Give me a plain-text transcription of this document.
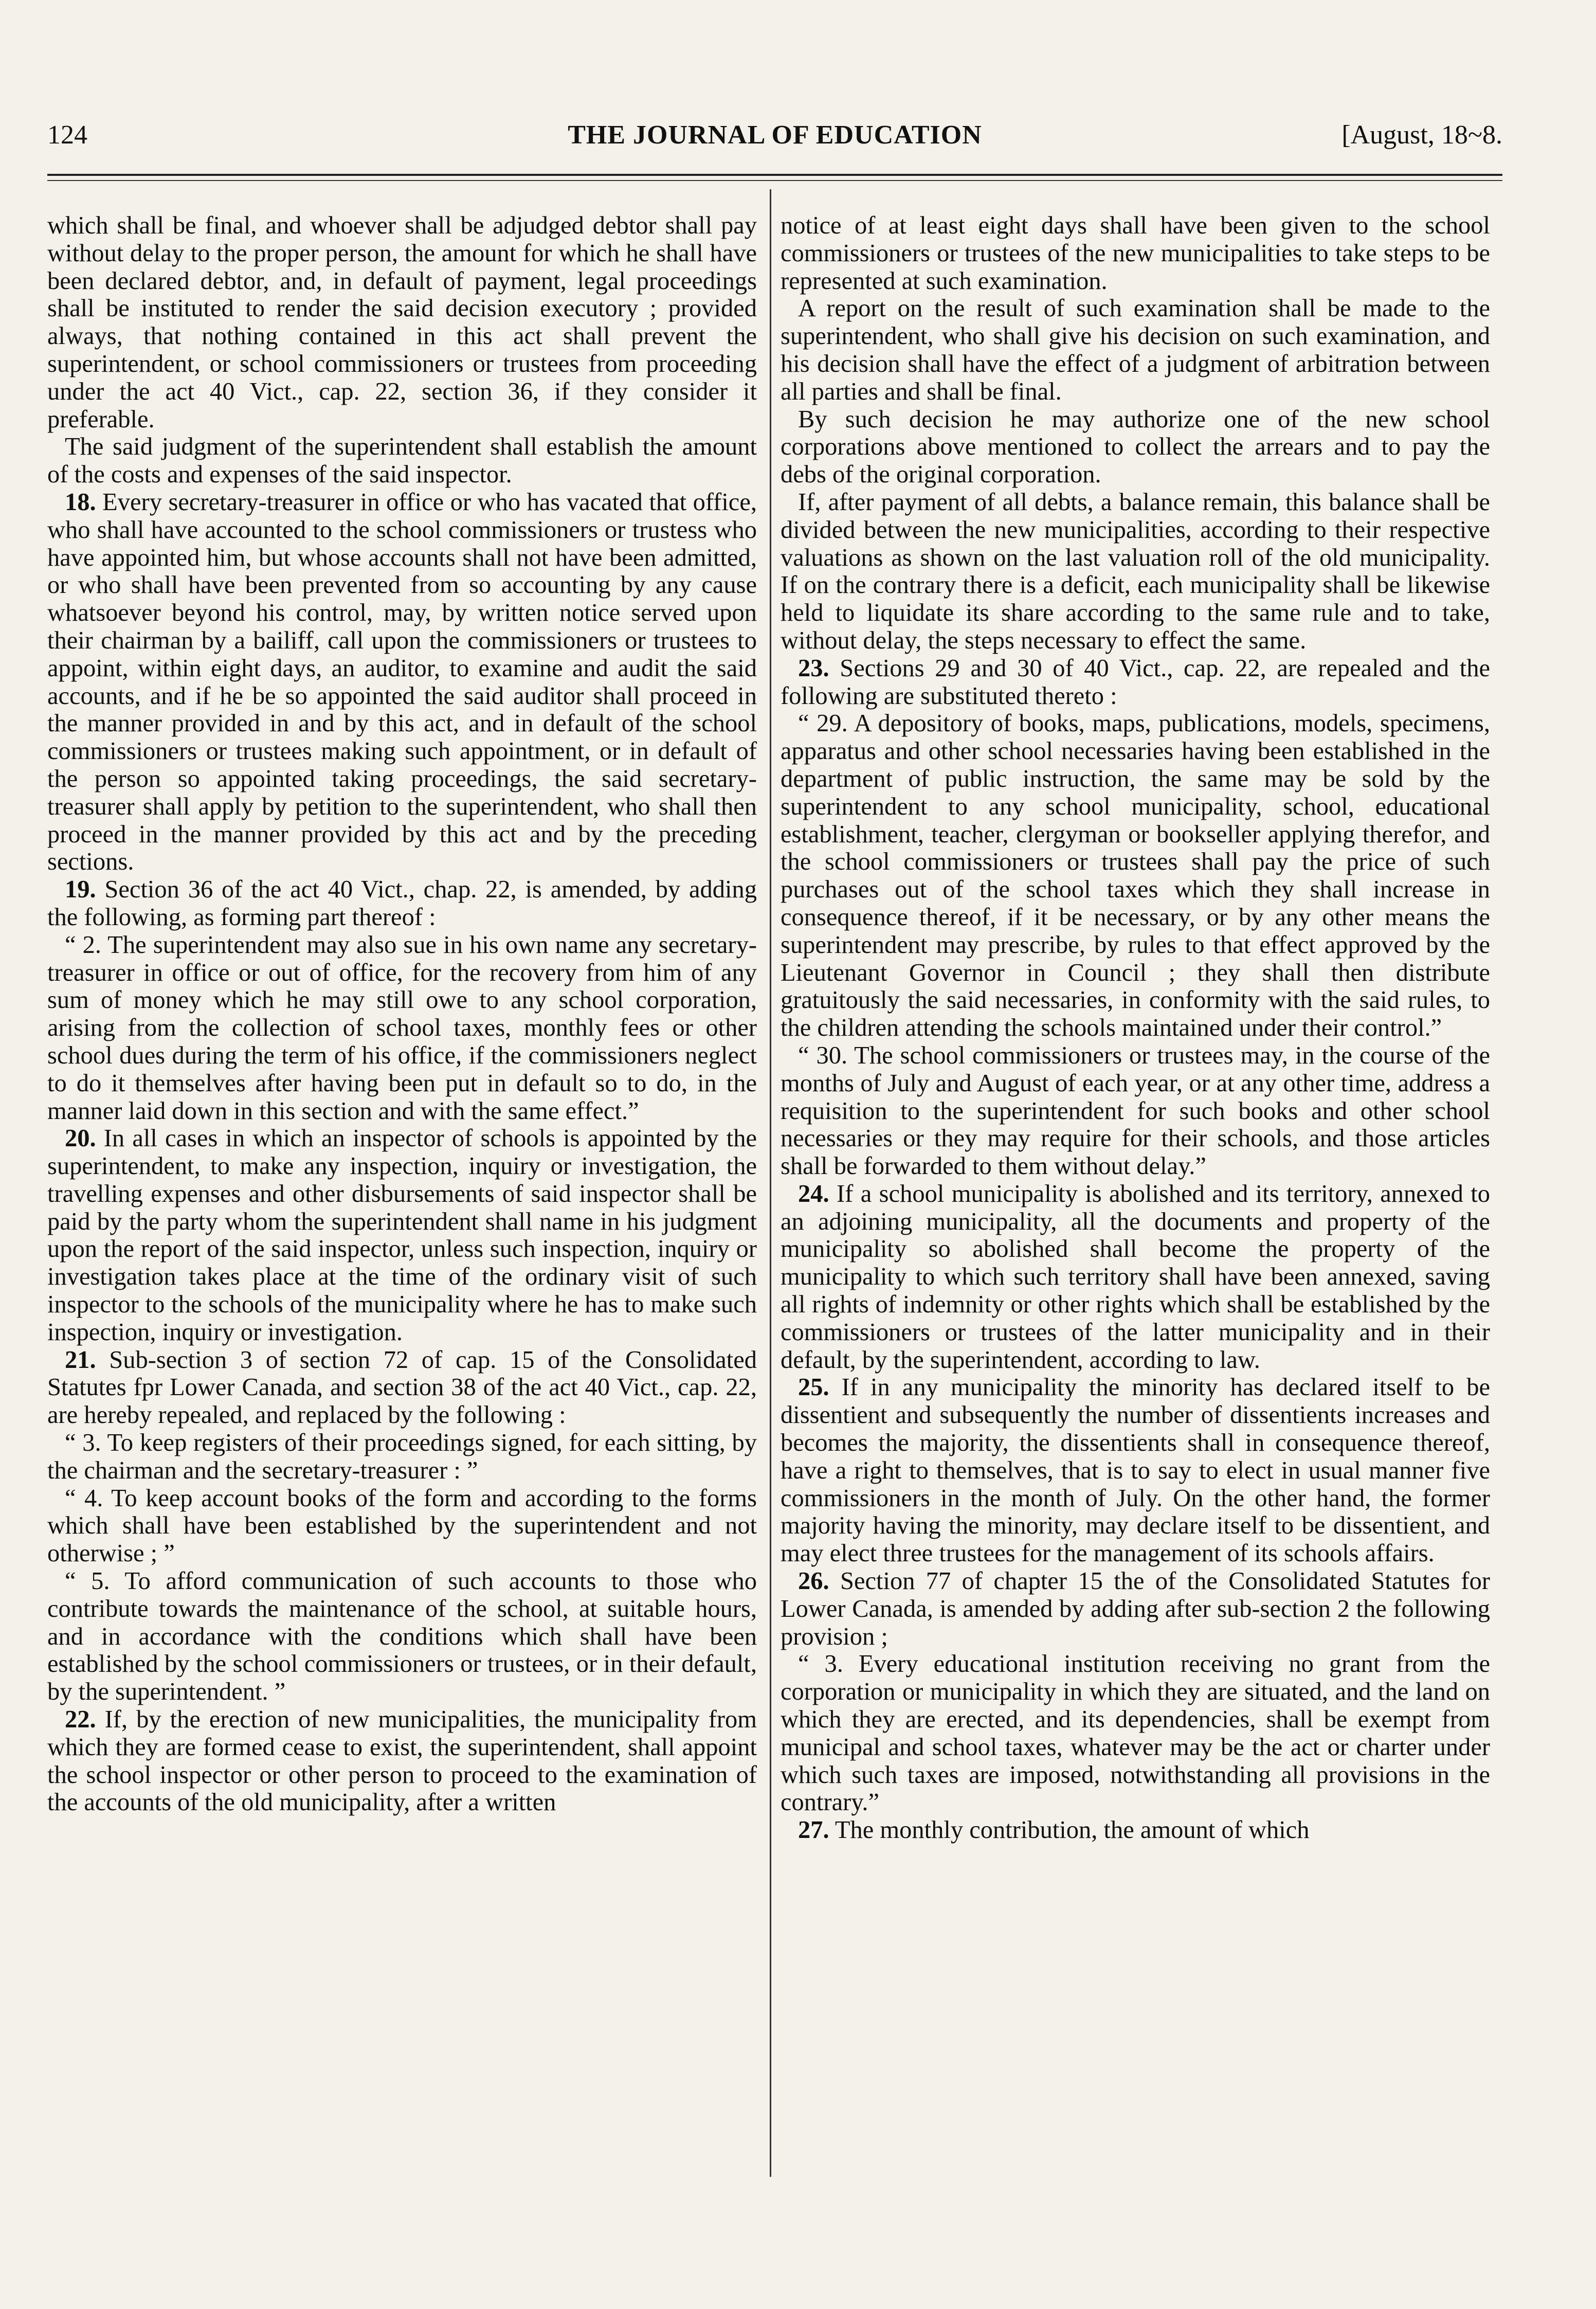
124	THE JOURNAL OF EDUCATION	[August, 18~8.

which shall be final, and whoever shall be adjudged debtor shall pay without delay to the proper person, the amount for which he shall have been declared debtor, and, in default of payment, legal proceedings shall be instituted to render the said decision executory ; provided always, that nothing contained in this act shall prevent the superintendent, or school commissioners or trustees from proceeding under the act 40 Vict., cap. 22, section 36, if they consider it preferable.

The said judgment of the superintendent shall establish the amount of the costs and expenses of the said inspector.

18. Every secretary-treasurer in office or who has vacated that office, who shall have accounted to the school commissioners or trustess who have appointed him, but whose accounts shall not have been admitted, or who shall have been prevented from so accounting by any cause whatsoever beyond his control, may, by written notice served upon their chairman by a bailiff, call upon the commissioners or trustees to appoint, within eight days, an auditor, to examine and audit the said accounts, and if he be so appointed the said auditor shall proceed in the manner provided in and by this act, and in default of the school commissioners or trustees making such appointment, or in default of the person so appointed taking proceedings, the said secretary-treasurer shall apply by petition to the superintendent, who shall then proceed in the manner provided by this act and by the preceding sections.

19. Section 36 of the act 40 Vict., chap. 22, is amended, by adding the following, as forming part thereof :

“ 2. The superintendent may also sue in his own name any secretary-treasurer in office or out of office, for the recovery from him of any sum of money which he may still owe to any school corporation, arising from the collection of school taxes, monthly fees or other school dues during the term of his office, if the commissioners neglect to do it themselves after having been put in default so to do, in the manner laid down in this section and with the same effect.”

20. In all cases in which an inspector of schools is appointed by the superintendent, to make any inspection, inquiry or investigation, the travelling expenses and other disbursements of said inspector shall be paid by the party whom the superintendent shall name in his judgment upon the report of the said inspector, unless such inspection, inquiry or investigation takes place at the time of the ordinary visit of such inspector to the schools of the municipality where he has to make such inspection, inquiry or investigation.

21. Sub-section 3 of section 72 of cap. 15 of the Consolidated Statutes fpr Lower Canada, and section 38 of the act 40 Vict., cap. 22, are hereby repealed, and replaced by the following :

“ 3. To keep registers of their proceedings signed, for each sitting, by the chairman and the secretary-treasurer : ”

“ 4. To keep account books of the form and according to the forms which shall have been established by the superintendent and not otherwise ; ”

“ 5. To afford communication of such accounts to those who contribute towards the maintenance of the school, at suitable hours, and in accordance with the conditions which shall have been established by the school commissioners or trustees, or in their default, by the superintendent. ”

22. If, by the erection of new municipalities, the municipality from which they are formed cease to exist, the superintendent, shall appoint the school inspector or other person to proceed to the examination of the accounts of the old municipality, after a written

notice of at least eight days shall have been given to the school commissioners or trustees of the new municipalities to take steps to be represented at such examination.

A report on the result of such examination shall be made to the superintendent, who shall give his decision on such examination, and his decision shall have the effect of a judgment of arbitration between all parties and shall be final.

By such decision he may authorize one of the new school corporations above mentioned to collect the arrears and to pay the debs of the original corporation.

If, after payment of all debts, a balance remain, this balance shall be divided between the new municipalities, according to their respective valuations as shown on the last valuation roll of the old municipality. If on the contrary there is a deficit, each municipality shall be likewise held to liquidate its share according to the same rule and to take, without delay, the steps necessary to effect the same.

23. Sections 29 and 30 of 40 Vict., cap. 22, are repealed and the following are substituted thereto :

“ 29. A depository of books, maps, publications, models, specimens, apparatus and other school necessaries having been established in the department of public instruction, the same may be sold by the superintendent to any school municipality, school, educational establishment, teacher, clergyman or bookseller applying therefor, and the school commissioners or trustees shall pay the price of such purchases out of the school taxes which they shall increase in consequence thereof, if it be necessary, or by any other means the superintendent may prescribe, by rules to that effect approved by the Lieutenant Governor in Council ; they shall then distribute gratuitously the said necessaries, in conformity with the said rules, to the children attending the schools maintained under their control.”

“ 30. The school commissioners or trustees may, in the course of the months of July and August of each year, or at any other time, address a requisition to the superintendent for such books and other school necessaries or they may require for their schools, and those articles shall be forwarded to them without delay.”

24. If a school municipality is abolished and its territory, annexed to an adjoining municipality, all the documents and property of the municipality so abolished shall become the property of the municipality to which such territory shall have been annexed, saving all rights of indemnity or other rights which shall be established by the commissioners or trustees of the latter municipality and in their default, by the superintendent, according to law.

25. If in any municipality the minority has declared itself to be dissentient and subsequently the number of dissentients increases and becomes the majority, the dissentients shall in consequence thereof, have a right to themselves, that is to say to elect in usual manner five commissioners in the month of July. On the other hand, the former majority having the minority, may declare itself to be dissentient, and may elect three trustees for the management of its schools affairs.

26. Section 77 of chapter 15 the of the Consolidated Statutes for Lower Canada, is amended by adding after sub-section 2 the following provision ;

“ 3. Every educational institution receiving no grant from the corporation or municipality in which they are situated, and the land on which they are erected, and its dependencies, shall be exempt from municipal and school taxes, whatever may be the act or charter under which such taxes are imposed, notwithstanding all provisions in the contrary.”

27. The monthly contribution, the amount of which
